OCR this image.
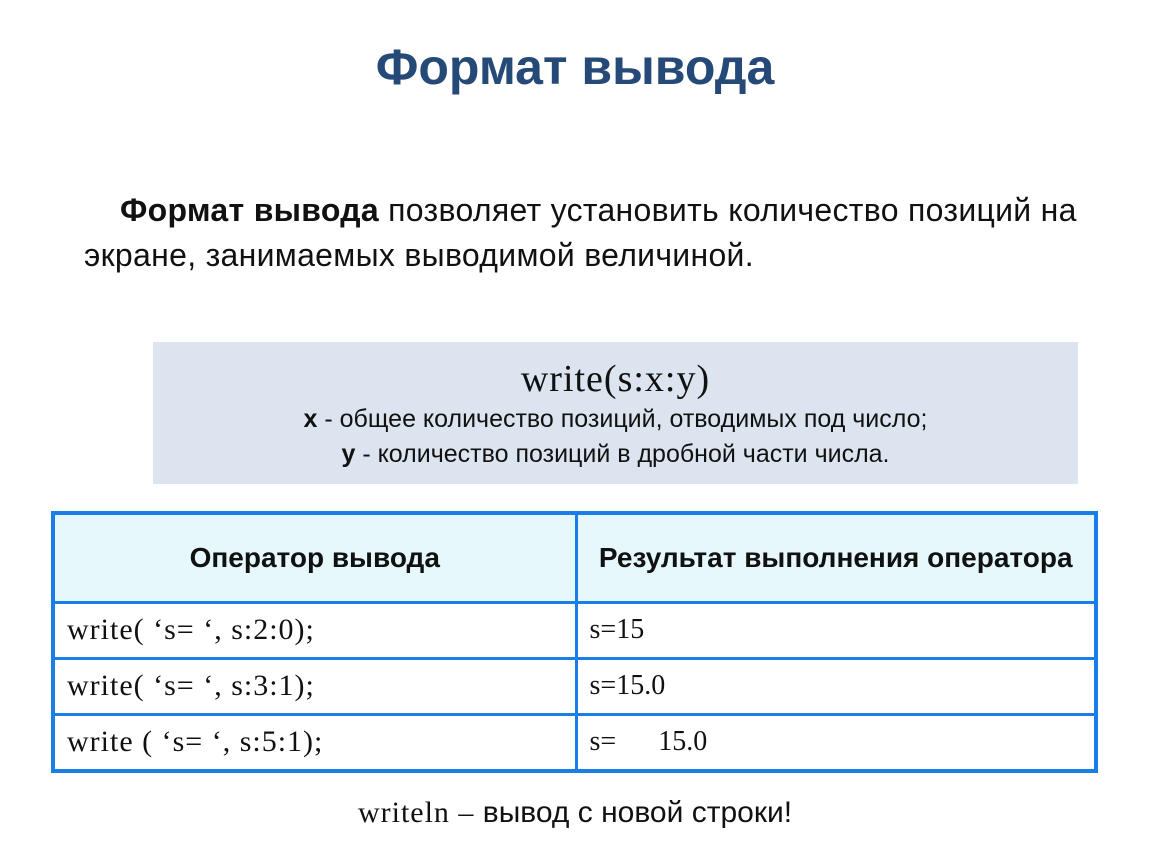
Формат вывода
Формат вывода позволяет установить количество позиций на экране, занимаемых выводимой величиной.
write(s:x:y)
x - общее количество позиций, отводимых под число;
у - количество позиций в дробной части числа.
Оператор вывода	Результат выполнения оператора
write( ‘s= ‘, s:2:0);	s=15
write( ‘s= ‘, s:3:1);	s=15.0
write ( ‘s= ‘, s:5:1);	s=      15.0
writeln – вывод с новой строки!
